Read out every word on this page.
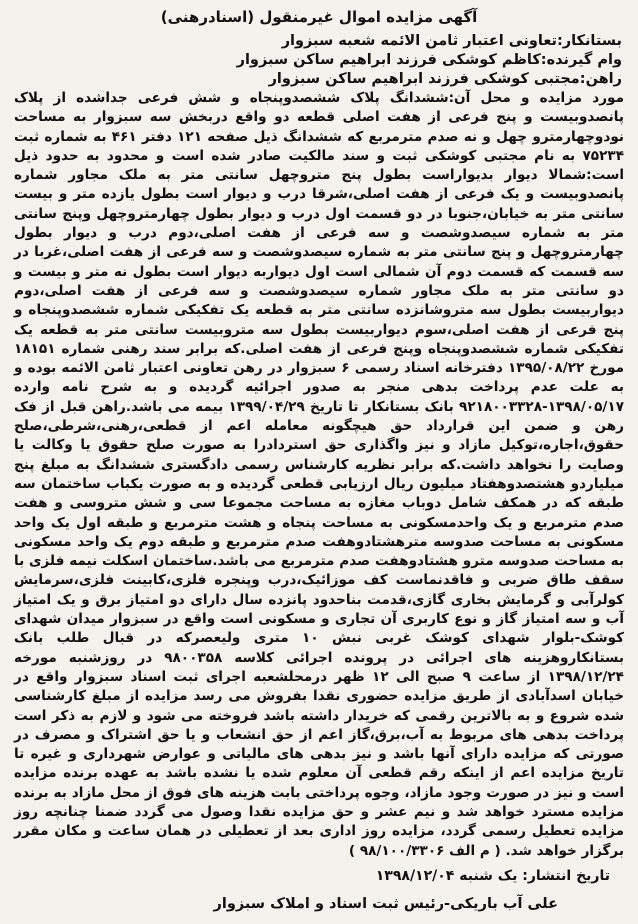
آگهی مزایده اموال غیرمنقول (اسنادرهنی)
بستانکار:تعاونی اعتبار ثامن الائمه شعبه سبزوار
وام گیرنده:کاظم کوشکی فرزند ابراهیم ساکن سبزوار
راهن:مجتبی کوشکی فرزند ابراهیم ساکن سبزوار

مورد مزایده و محل آن:ششدانگ پلاک ششصدوپنجاه و شش فرعی جداشده از پلاک پانصدوبیست و پنج فرعی از هفت اصلی قطعه دو واقع دربخش سه سبزوار به مساحت نودوچهارمترو چهل و نه صدم مترمربع که ششدانگ ذیل صفحه ۱۲۱ دفتر ۴۶۱ به شماره ثبت ۷۵۲۳۴ به نام مجتبی کوشکی ثبت و سند مالکیت صادر شده است و محدود به حدود ذیل است:شمالا دیوار بدیواراست بطول پنج متروچهل سانتی متر به ملک مجاور شماره پانصدوبیست و یک فرعی از هفت اصلی،شرقا درب و دیوار است بطول یازده متر و بیست سانتی متر به خیابان،جنوبا در دو قسمت اول درب و دیوار بطول چهارمتروچهل وپنج سانتی متر به شماره سیصدوشصت و سه فرعی از هفت اصلی،دوم درب و دیوار بطول چهارمتروچهل و پنج سانتی متر به شماره سیصدوشصت و سه فرعی از هفت اصلی،غربا در سه قسمت که قسمت دوم آن شمالی است اول دیواربه دیوار است بطول نه متر و بیست و دو سانتی متر به ملک مجاور شماره سیصدوشصت و سه فرعی از هفت اصلی،دوم دیواربیست بطول سه متروشانزده سانتی متر به قطعه یک تفکیکی شماره ششصدوپنجاه و پنج فرعی از هفت اصلی،سوم دیواربیست بطول سه متروبیست سانتی متر به قطعه یک تفکیکی شماره ششصدوپنجاه وپنج فرعی از هفت اصلی.که برابر سند رهنی شماره ۱۸۱۵۱ مورخ ۱۳۹۵/۰۸/۲۲ دفترخانه اسناد رسمی ۶ سبزوار در رهن تعاونی اعتبار ثامن الائمه بوده و به علت عدم پرداخت بدهی منجر به صدور اجرائیه گردیده و به شرح نامه وارده ۱۳۹۸/۰۵/۱۷-۹۲۱۸۰۰۳۳۲۸ بانک بستانکار تا تاریخ ۱۳۹۹/۰۴/۲۹ بیمه می باشد.راهن قبل از فک رهن و ضمن این قرارداد حق هیچگونه معامله اعم از قطعی،رهنی،شرطی،صلح حقوق،اجاره،توکیل مازاد و نیز واگذاری حق استردادرا به صورت صلح حقوق یا وکالت یا وصایت را نخواهد داشت.که برابر نظریه کارشناس رسمی دادگستری ششدانگ به مبلغ پنج میلیاردو هشتصدوهفتاد میلیون ریال ارزیابی قطعی گردیده و به صورت یکباب ساختمان سه طبقه که در همکف شامل دوباب مغازه به مساحت مجموعا سی و شش متروسی و هفت صدم مترمربع و یک واحدمسکونی به مساحت پنجاه و هشت مترمربع و طبقه اول یک واحد مسکونی به مساحت صدوسه مترهشتادوهفت صدم مترمربع و طبقه دوم یک واحد مسکونی به مساحت صدوسه مترو هشتادوهفت صدم مترمربع می باشد.ساختمان اسکلت نیمه فلزی با سقف طاق ضربی و فاقدنماست کف موزائیک،درب وپنجره فلزی،کابینت فلزی،سرمایش کولرآبی و گرمایش بخاری گازی،قدمت بناحدود پانزده سال دارای دو امتیاز برق و یک امتیاز آب و سه امتیاز گاز و نوع کاربری آن تجاری و مسکونی است واقع در سبزوار میدان شهدای کوشک-بلوار شهدای کوشک غربی نبش ۱۰ متری ولیعصرکه در قبال طلب بانک بستانکاروهزینه های اجرائی در پرونده اجرائی کلاسه ۹۸۰۰۳۵۸ در روزشنبه مورخه ۱۳۹۸/۱۲/۲۴ از ساعت ۹ صبح الی ۱۲ ظهر درمحلشعبه اجرای ثبت اسناد سبزوار واقع در خیابان اسدآبادی از طریق مزایده حضوری نقدا بفروش می رسد مزایده از مبلغ کارشناسی شده شروع و به بالاترین رقمی که خریدار داشته باشد فروخته می شود و لازم به ذکر است پرداخت بدهی های مربوط به آب،برق،گاز اعم از حق انشعاب و یا حق اشتراک و مصرف در صورتی که مزایده دارای آنها باشد و نیز بدهی های مالیاتی و عوارض شهرداری و غیره تا تاریخ مزایده اعم از اینکه رقم قطعی آن معلوم شده یا نشده باشد به عهده برنده مزایده است و نیز در صورت وجود مازاد، وجوه پرداختی بابت هزینه های فوق از محل مازاد به برنده مزایده مسترد خواهد شد و نیم عشر و حق مزایده نقدا وصول می گردد ضمنا چنانچه روز مزایده تعطیل رسمی گردد، مزایده روز اداری بعد از تعطیلی در همان ساعت و مکان مقرر برگزار خواهد شد. ( م الف ۹۸/۱۰۰/۳۳۰۶ )

تاریخ انتشار: یک شنبه ۱۳۹۸/۱۲/۰۴
علی آب باریکی-رئیس ثبت اسناد و املاک سبزوار
